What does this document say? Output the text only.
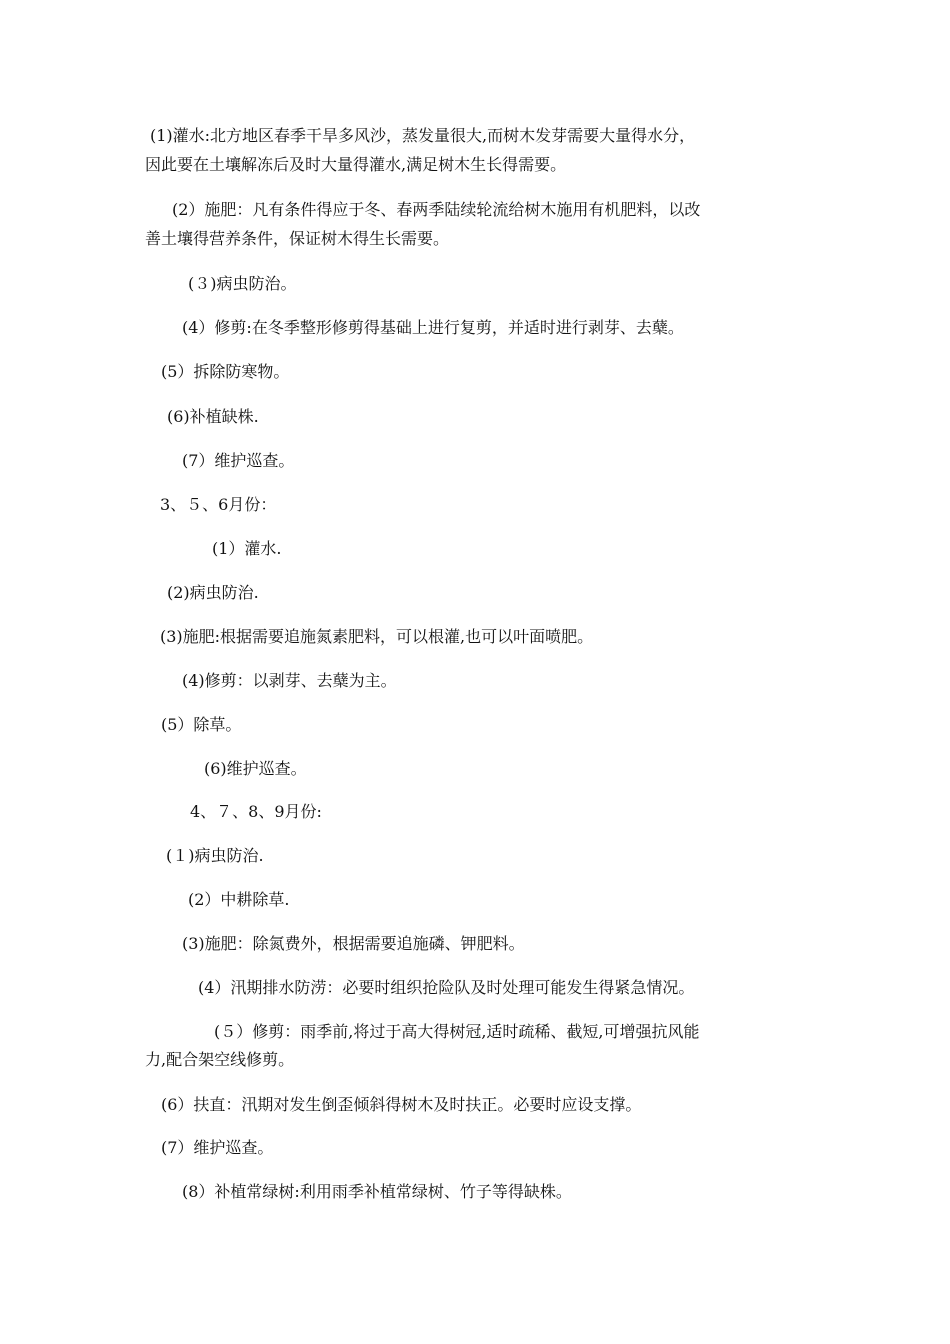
(1)灌水:北方地区春季干旱多风沙，蒸发量很大,而树木发芽需要大量得水分，
因此要在土壤解冻后及时大量得灌水,满足树木生长得需要。
(2）施肥：凡有条件得应于冬、春两季陆续轮流给树木施用有机肥料，以改
善土壤得营养条件，保证树木得生长需要。
(３)病虫防治。
(4）修剪:在冬季整形修剪得基础上进行复剪，并适时进行剥芽、去蘖。
(5）拆除防寒物。
(6)补植缺株.
(7）维护巡查。
3、５、6月份：
(1）灌水.
(2)病虫防治.
(3)施肥:根据需要追施氮素肥料，可以根灌,也可以叶面喷肥。
(4)修剪：以剥芽、去蘖为主。
(5）除草。
(6)维护巡查。
4、７、8、9月份:
(１)病虫防治.
(2）中耕除草.
(3)施肥：除氮费外，根据需要追施磷、钾肥料。
(4）汛期排水防涝：必要时组织抢险队及时处理可能发生得紧急情况。
(５）修剪：雨季前,将过于高大得树冠,适时疏稀、截短,可增强抗风能
力,配合架空线修剪。
(6）扶直：汛期对发生倒歪倾斜得树木及时扶正。必要时应设支撑。
(7）维护巡查。
(8）补植常绿树:利用雨季补植常绿树、竹子等得缺株。
